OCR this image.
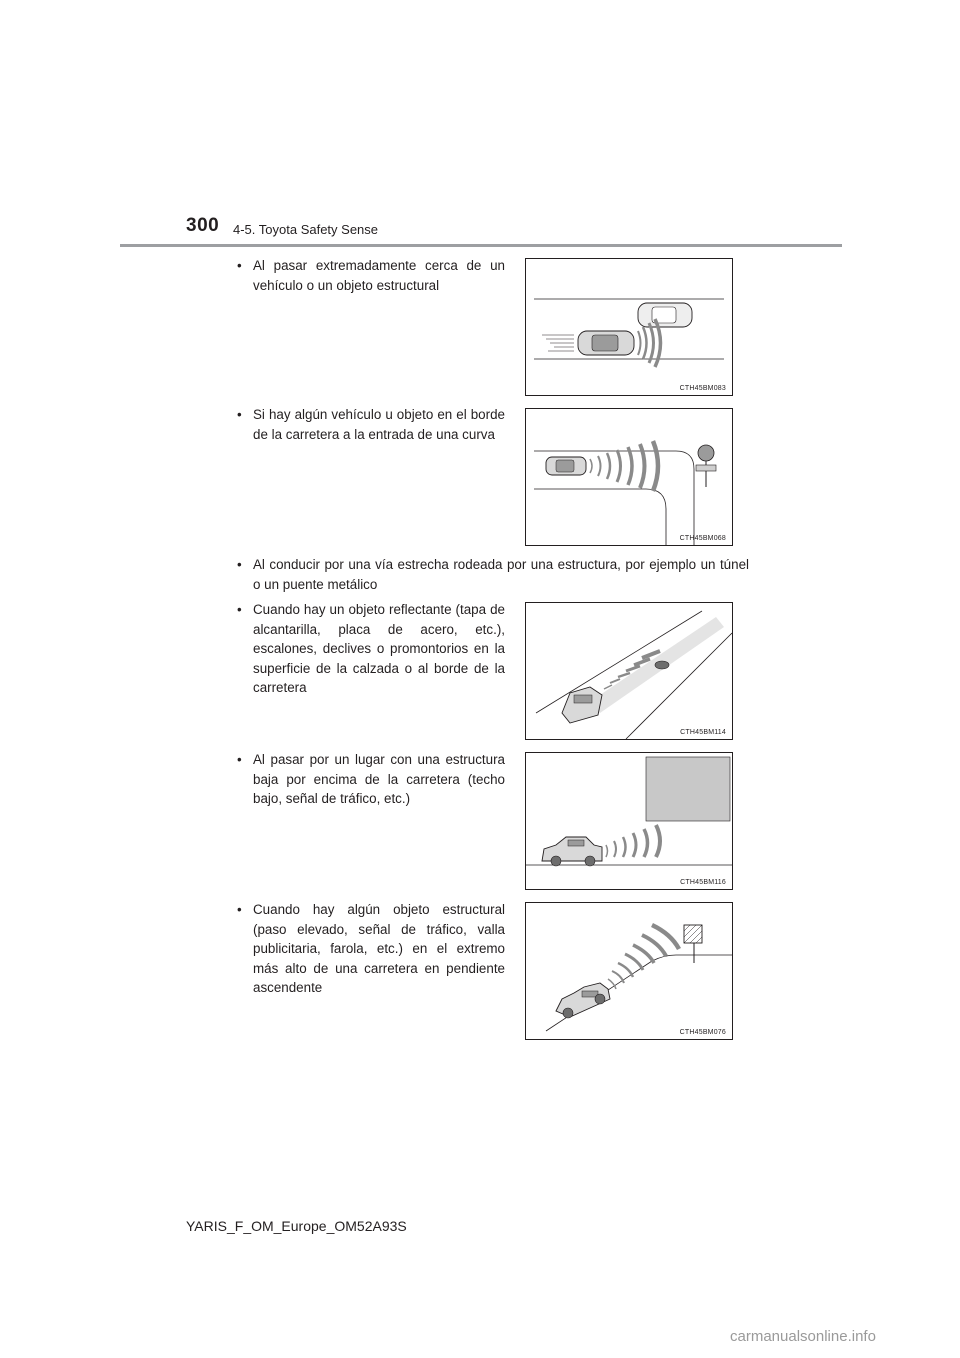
300 4-5. Toyota Safety Sense
• Al pasar extremadamente cerca de un vehículo o un objeto estructural
CTH45BM083
• Si hay algún vehículo u objeto en el borde de la carretera a la entrada de una curva
CTH45BM068
• Al conducir por una vía estrecha rodeada por una estructura, por ejemplo un túnel o un puente metálico
• Cuando hay un objeto reflectante (tapa de alcantarilla, placa de acero, etc.), escalones, declives o promontorios en la superficie de la calzada o al borde de la carretera
CTH45BM114
• Al pasar por un lugar con una estructura baja por encima de la carretera (techo bajo, señal de tráfico, etc.)
CTH45BM116
• Cuando hay algún objeto estructural (paso elevado, señal de tráfico, valla publicitaria, farola, etc.) en el extremo más alto de una carretera en pendiente ascendente
CTH45BM076
YARIS_F_OM_Europe_OM52A93S
carmanualsonline.info
